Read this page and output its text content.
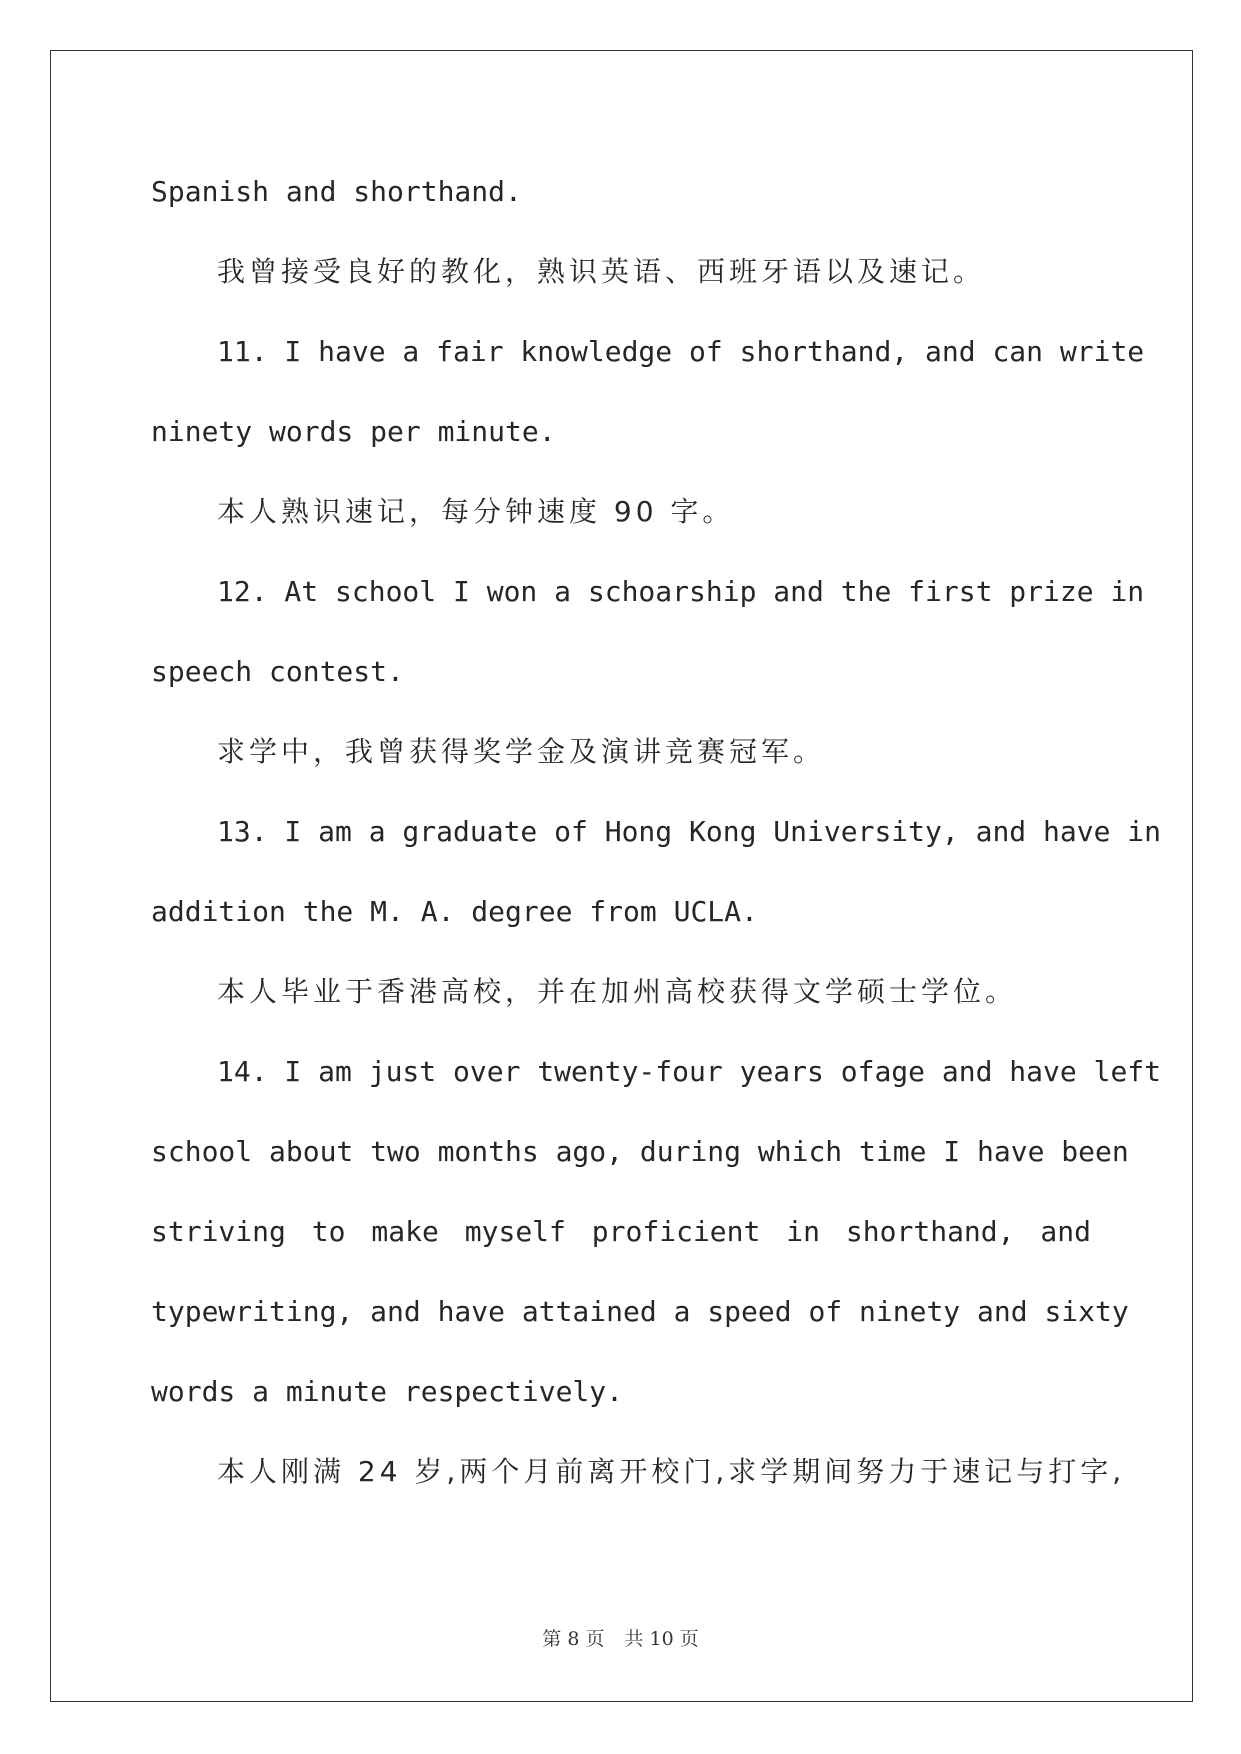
Spanish and shorthand.
我曾接受良好的教化，熟识英语、西班牙语以及速记。
11. I have a fair knowledge of shorthand, and can write
ninety words per minute.
本人熟识速记，每分钟速度 90 字。
12. At school I won a schoarship and the first prize in
speech contest.
求学中，我曾获得奖学金及演讲竞赛冠军。
13. I am a graduate of Hong Kong University, and have in
addition the M. A. degree from UCLA.
本人毕业于香港高校，并在加州高校获得文学硕士学位。
14. I am just over twenty-four years ofage and have left
school about two months ago, during which time I have been
striving to make myself proficient in shorthand, and
typewriting, and have attained a speed of ninety and sixty
words a minute respectively.
本人刚满 24 岁,两个月前离开校门,求学期间努力于速记与打字,
第 8 页 共 10 页
